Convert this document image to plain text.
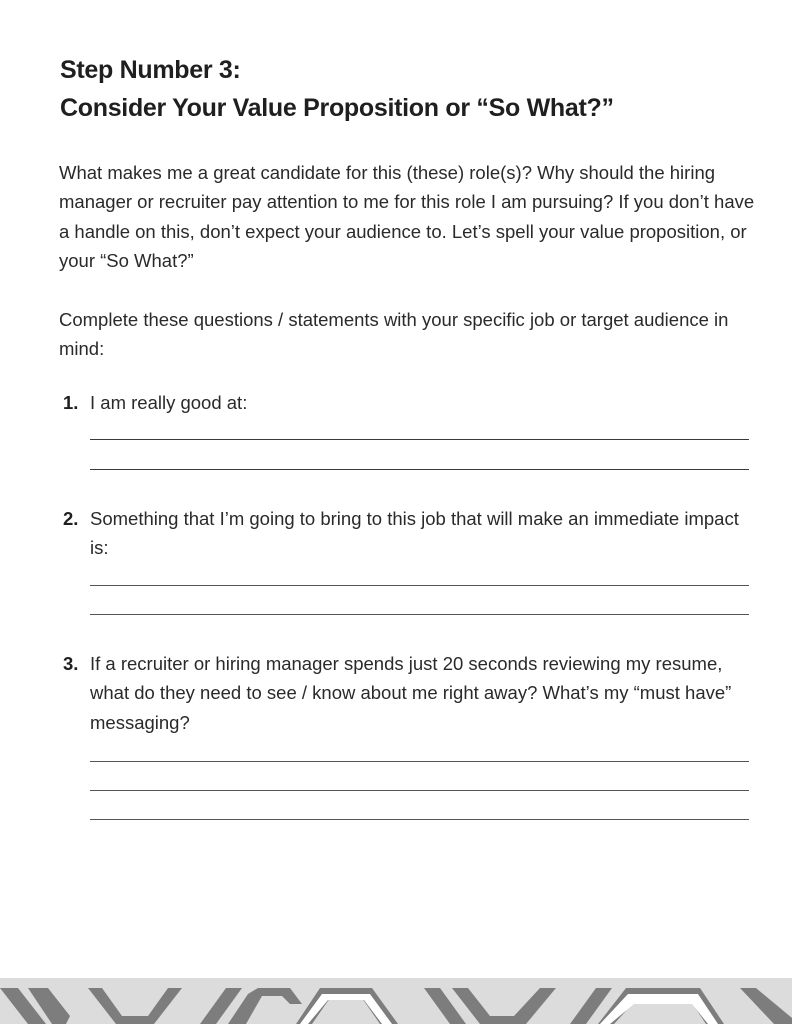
Step Number 3:
Consider Your Value Proposition or “So What?”

What makes me a great candidate for this (these) role(s)? Why should the hiring manager or recruiter pay attention to me for this role I am pursuing? If you don’t have a handle on this, don’t expect your audience to. Let’s spell your value proposition, or your “So What?”

Complete these questions / statements with your specific job or target audience in mind:

1. I am really good at:

2. Something that I’m going to bring to this job that will make an immediate impact is:

3. If a recruiter or hiring manager spends just 20 seconds reviewing my resume, what do they need to see / know about me right away? What’s my “must have” messaging?
